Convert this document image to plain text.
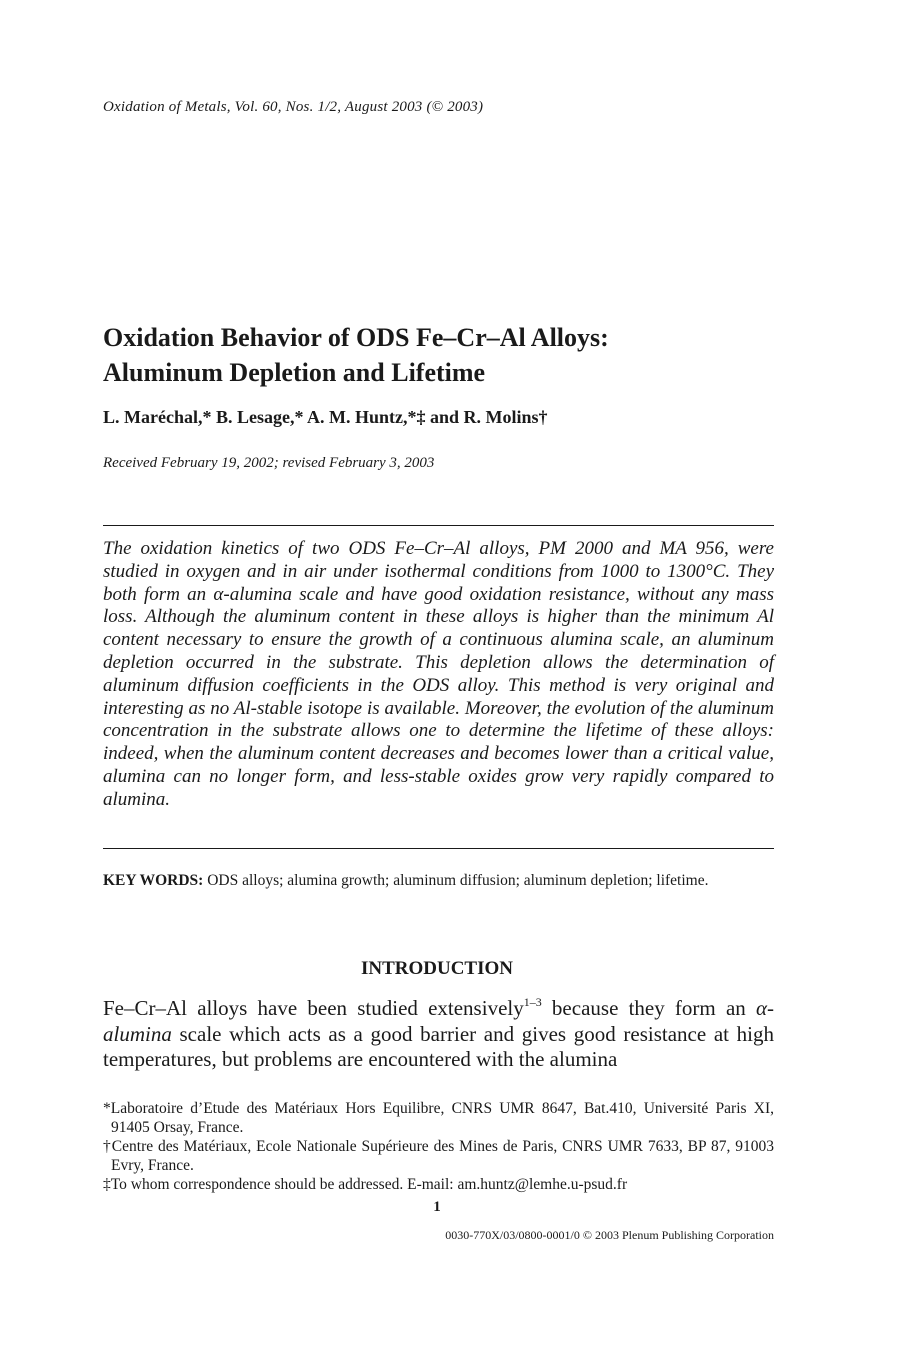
Oxidation of Metals, Vol. 60, Nos. 1/2, August 2003 (© 2003)
Oxidation Behavior of ODS Fe–Cr–Al Alloys:
Aluminum Depletion and Lifetime
L. Maréchal,* B. Lesage,* A. M. Huntz,*‡ and R. Molins†
Received February 19, 2002; revised February 3, 2003
The oxidation kinetics of two ODS Fe–Cr–Al alloys, PM 2000 and MA 956, were studied in oxygen and in air under isothermal conditions from 1000 to 1300°C. They both form an α-alumina scale and have good oxidation resistance, without any mass loss. Although the aluminum content in these alloys is higher than the minimum Al content necessary to ensure the growth of a continuous alumina scale, an aluminum depletion occurred in the substrate. This depletion allows the determination of aluminum diffusion coefficients in the ODS alloy. This method is very original and interesting as no Al-stable isotope is available. Moreover, the evolution of the aluminum concentration in the substrate allows one to determine the lifetime of these alloys: indeed, when the aluminum content decreases and becomes lower than a critical value, alumina can no longer form, and less-stable oxides grow very rapidly compared to alumina.
KEY WORDS: ODS alloys; alumina growth; aluminum diffusion; aluminum depletion; lifetime.
INTRODUCTION
Fe–Cr–Al alloys have been studied extensively$^{1-3}$ because they form an α-alumina scale which acts as a good barrier and gives good resistance at high temperatures, but problems are encountered with the alumina
*Laboratoire d’Etude des Matériaux Hors Equilibre, CNRS UMR 8647, Bat.410, Université Paris XI, 91405 Orsay, France.
†Centre des Matériaux, Ecole Nationale Supérieure des Mines de Paris, CNRS UMR 7633, BP 87, 91003 Evry, France.
‡To whom correspondence should be addressed. E-mail: am.huntz@lemhe.u-psud.fr
1
0030-770X/03/0800-0001/0 © 2003 Plenum Publishing Corporation
